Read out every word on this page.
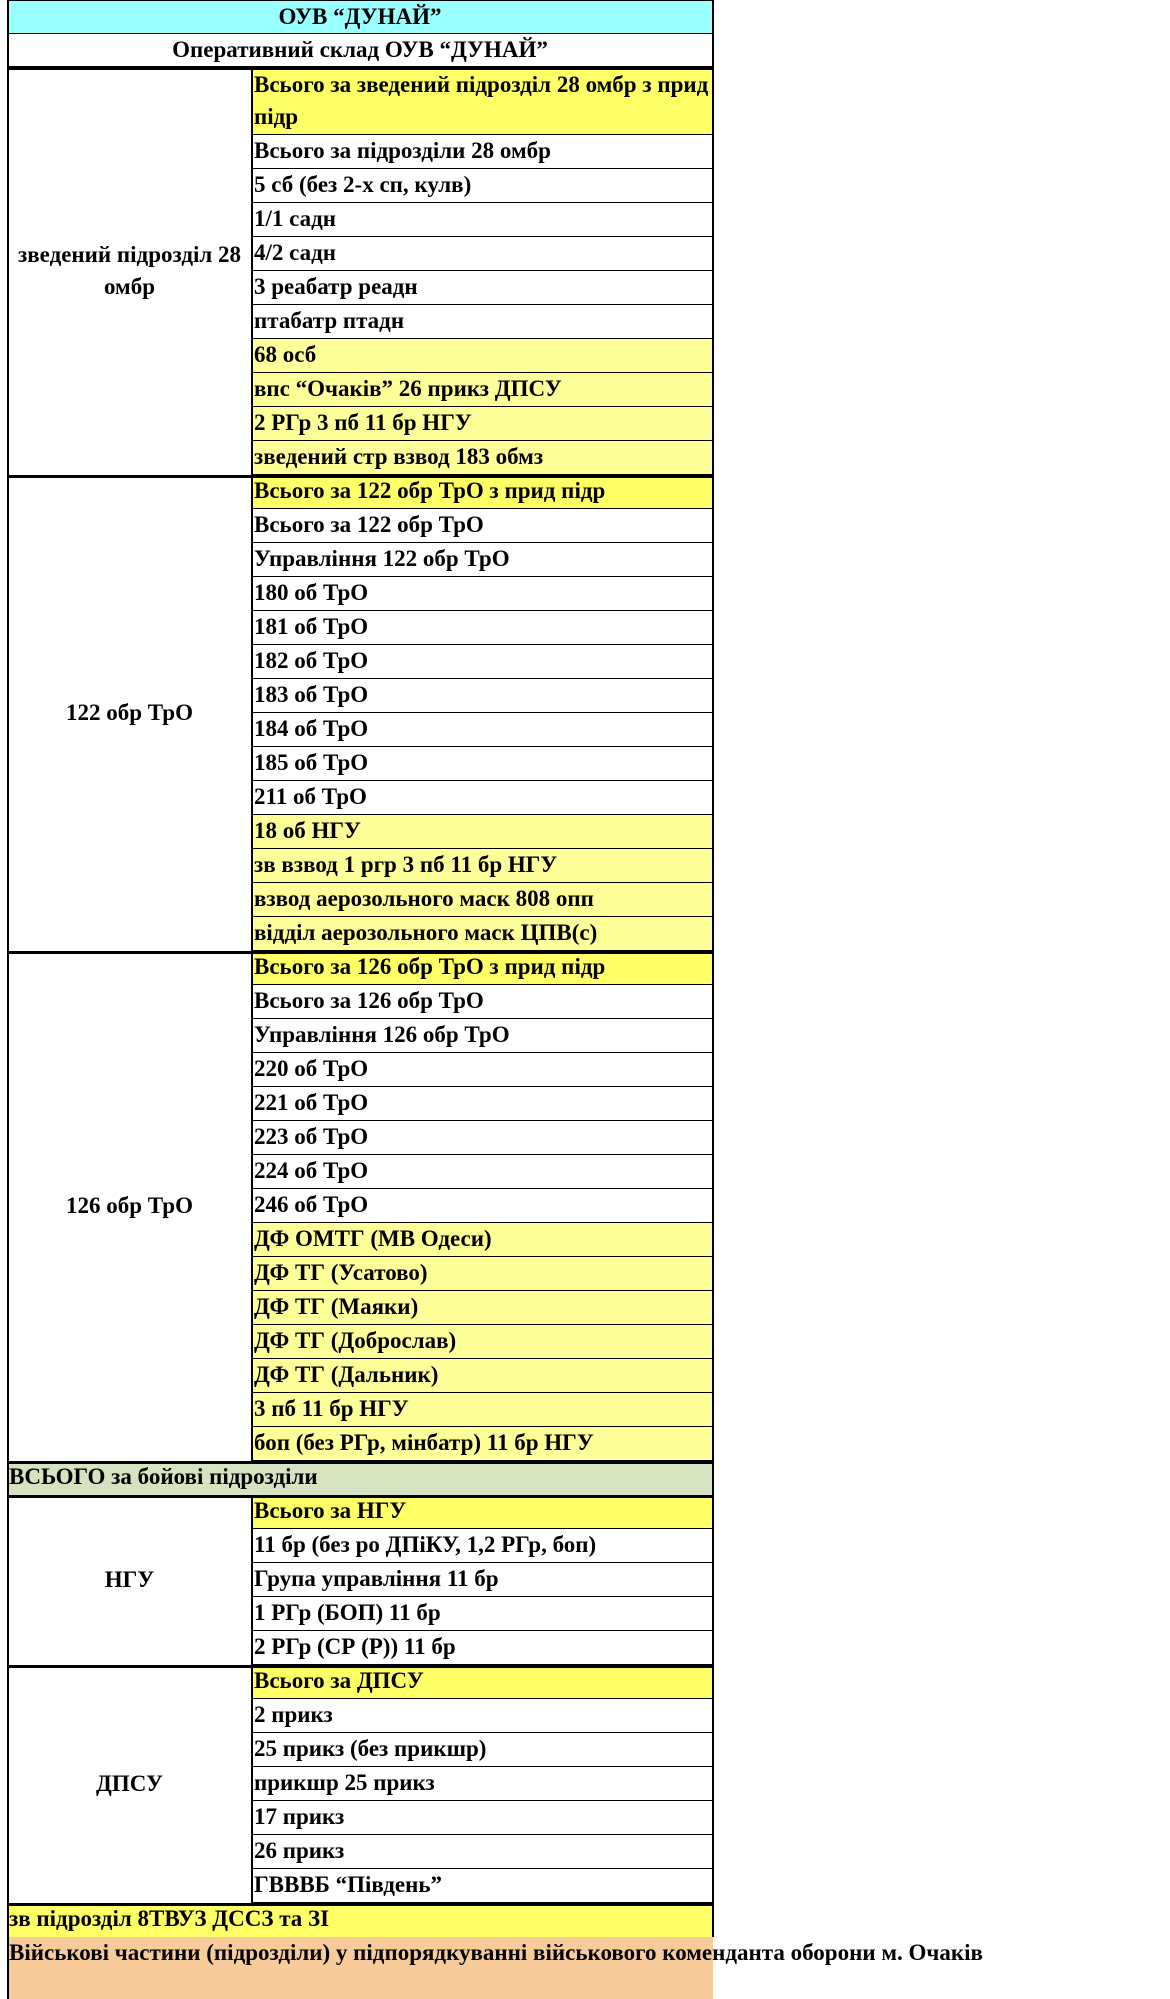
ОУВ “ДУНАЙ”
Оперативний склад ОУВ “ДУНАЙ”
Всього за зведений підрозділ 28 омбр з прид підр
Всього за підрозділи 28 омбр
5 сб (без 2-х сп, кулв)
1/1 садн
4/2 садн
3 реабатр реадн
птабатр птадн
68 осб
впс “Очаків” 26 прикз ДПСУ
2 РГр 3 пб 11 бр НГУ
зведений стр взвод 183 обмз
зведений підрозділ 28 омбр
Всього за 122 обр ТрО з прид підр
Всього за 122 обр ТрО
Управління 122 обр ТрО
180 об ТрО
181 об ТрО
182 об ТрО
183 об ТрО
184 об ТрО
185 об ТрО
211 об ТрО
18 об НГУ
зв взвод 1 ргр 3 пб 11 бр НГУ
взвод аерозольного маск 808 опп
відділ аерозольного маск ЦПВ(с)
122 обр ТрО
Всього за 126 обр ТрО з прид підр
Всього за 126 обр ТрО
Управління 126 обр ТрО
220 об ТрО
221 об ТрО
223 об ТрО
224 об ТрО
246 об ТрО
ДФ ОМТГ (МВ Одеси)
ДФ ТГ (Усатово)
ДФ ТГ (Маяки)
ДФ ТГ (Доброслав)
ДФ ТГ (Дальник)
3 пб 11 бр НГУ
боп (без РГр, мінбатр) 11 бр НГУ
126 обр ТрО
ВСЬОГО за бойові підрозділи
Всього за НГУ
11 бр (без ро ДПіКУ, 1,2 РГр, боп)
Група управління 11 бр
1 РГр (БОП) 11 бр
2 РГр (СР (Р)) 11 бр
НГУ
Всього за ДПСУ
2 прикз
25 прикз (без прикшр)
прикшр 25 прикз
17 прикз
26 прикз
ГВВВБ “Південь”
ДПСУ
зв підрозділ 8ТВУЗ ДССЗ та ЗІ
Військові частини (підрозділи) у підпорядкуванні військового коменданта оборони м. Очаків
